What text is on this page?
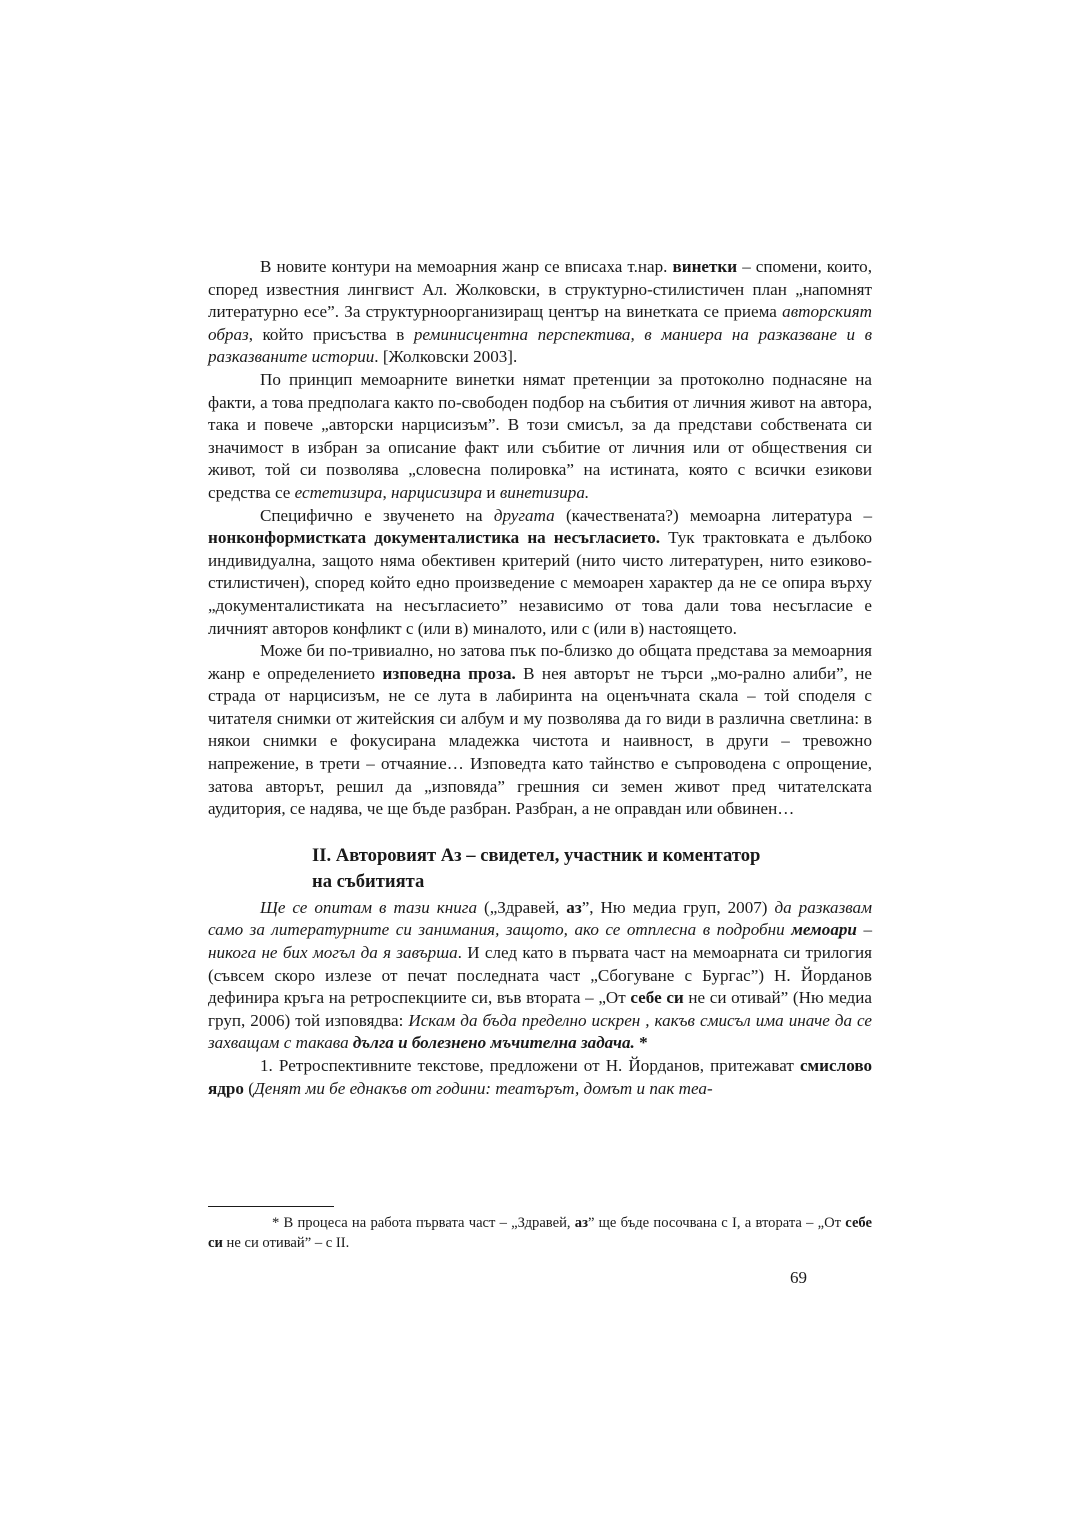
В новите контури на мемоарния жанр се вписаха т.нар. винетки – спомени, които, според известния лингвист Ал. Жолковски, в структурно-стилистичен план „напомнят литературно есе”. За структурноорганизиращ център на винетката се приема авторският образ, който присъства в реминисцентна перспектива, в маниера на разказване и в разказваните истории. [Жолковски 2003].

По принцип мемоарните винетки нямат претенции за протоколно поднасяне на факти, а това предполага както по-свободен подбор на събития от личния живот на автора, така и повече „авторски нарцисизъм”. В този смисъл, за да представи собствената си значимост в избран за описание факт или събитие от личния или от обществения си живот, той си позволява „словесна полировка” на истината, която с всички езикови средства се естетизира, нарцисизира и винетизира.

Специфично е звученето на другата (качествената?) мемоарна литература – нонконформистката документалистика на несъгласието. Тук трактовката е дълбоко индивидуална, защото няма обективен критерий (нито чисто литературен, нито езиково-стилистичен), според който едно произведение с мемоарен характер да не се опира върху „документалистиката на несъгласието” независимо от това дали това несъгласие е личният авторов конфликт с (или в) миналото, или с (или в) настоящето.

Може би по-тривиално, но затова пък по-близко до общата представа за мемоарния жанр е определението изповедна проза. В нея авторът не търси „мо-рално алиби”, не страда от нарцисизъм, не се лута в лабиринта на оценъчната скала – той споделя с читателя снимки от житейския си албум и му позволява да го види в различна светлина: в някои снимки е фокусирана младежка чистота и наивност, в други – тревожно напрежение, в трети – отчаяние… Изповедта като тайнство е съпроводена с опрощение, затова авторът, решил да „изповяда” грешния си земен живот пред читателската аудитория, се надява, че ще бъде разбран. Разбран, а не оправдан или обвинен…

II. Авторовият Аз – свидетел, участник и коментатор
на събитията

Ще се опитам в тази книга („Здравей, аз”, Ню медиа груп, 2007) да разказвам само за литературните си занимания, защото, ако се отплесна в подробни мемоари – никога не бих могъл да я завърша. И след като в първата част на мемоарната си трилогия (съвсем скоро излезе от печат последната част „Сбогуване с Бургас”) Н. Йорданов дефинира кръга на ретроспекциите си, във втората – „От себе си не си отивай” (Ню медиа груп, 2006) той изповядва: Искам да бъда пределно искрен , какъв смисъл има иначе да се захващам с такава дълга и болезнено мъчителна задача. *

1. Ретроспективните текстове, предложени от Н. Йорданов, притежават смислово ядро (Денят ми бе еднакъв от години: театърът, домът и пак теа-

* В процеса на работа първата част – „Здравей, аз” ще бъде посочвана с I, а втората – „От себе си не си отивай” – с II.

69
